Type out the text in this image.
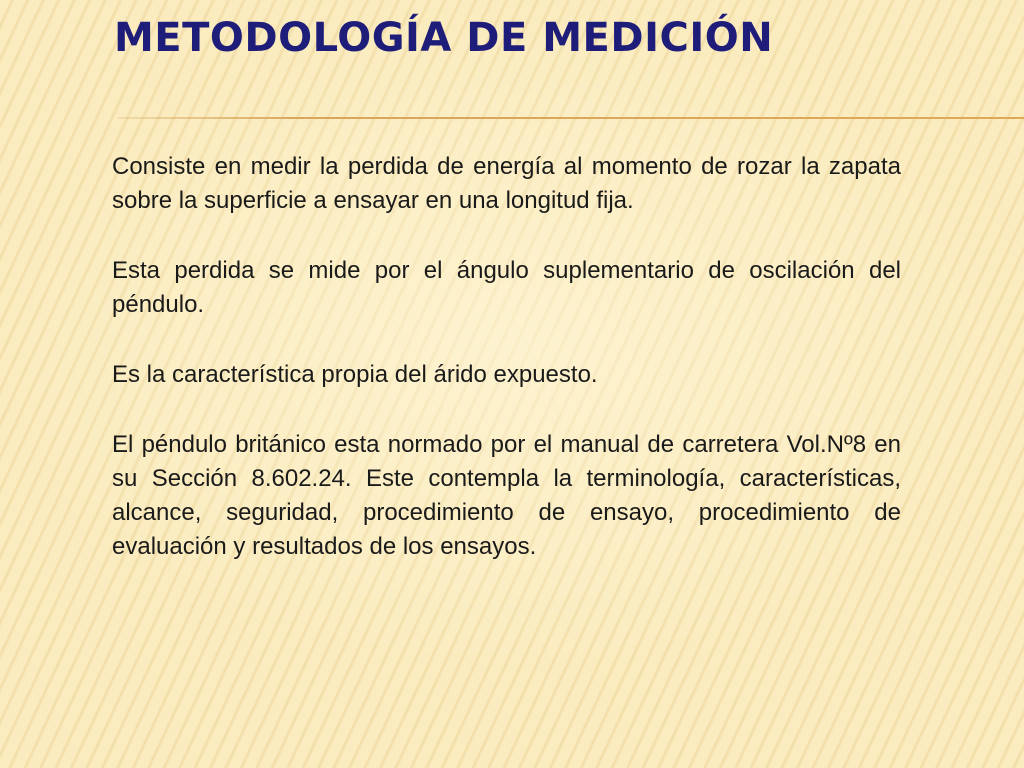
METODOLOGÍA DE MEDICIÓN

Consiste en medir la perdida de energía al momento de rozar la zapata sobre la superficie a ensayar en una longitud fija.

Esta perdida se mide por el ángulo suplementario de oscilación del péndulo.

Es la característica propia del árido expuesto.

El péndulo británico esta normado por el manual de carretera Vol.Nº8 en su Sección 8.602.24. Este contempla la terminología, características, alcance, seguridad, procedimiento de ensayo, procedimiento de evaluación y resultados de los ensayos.
